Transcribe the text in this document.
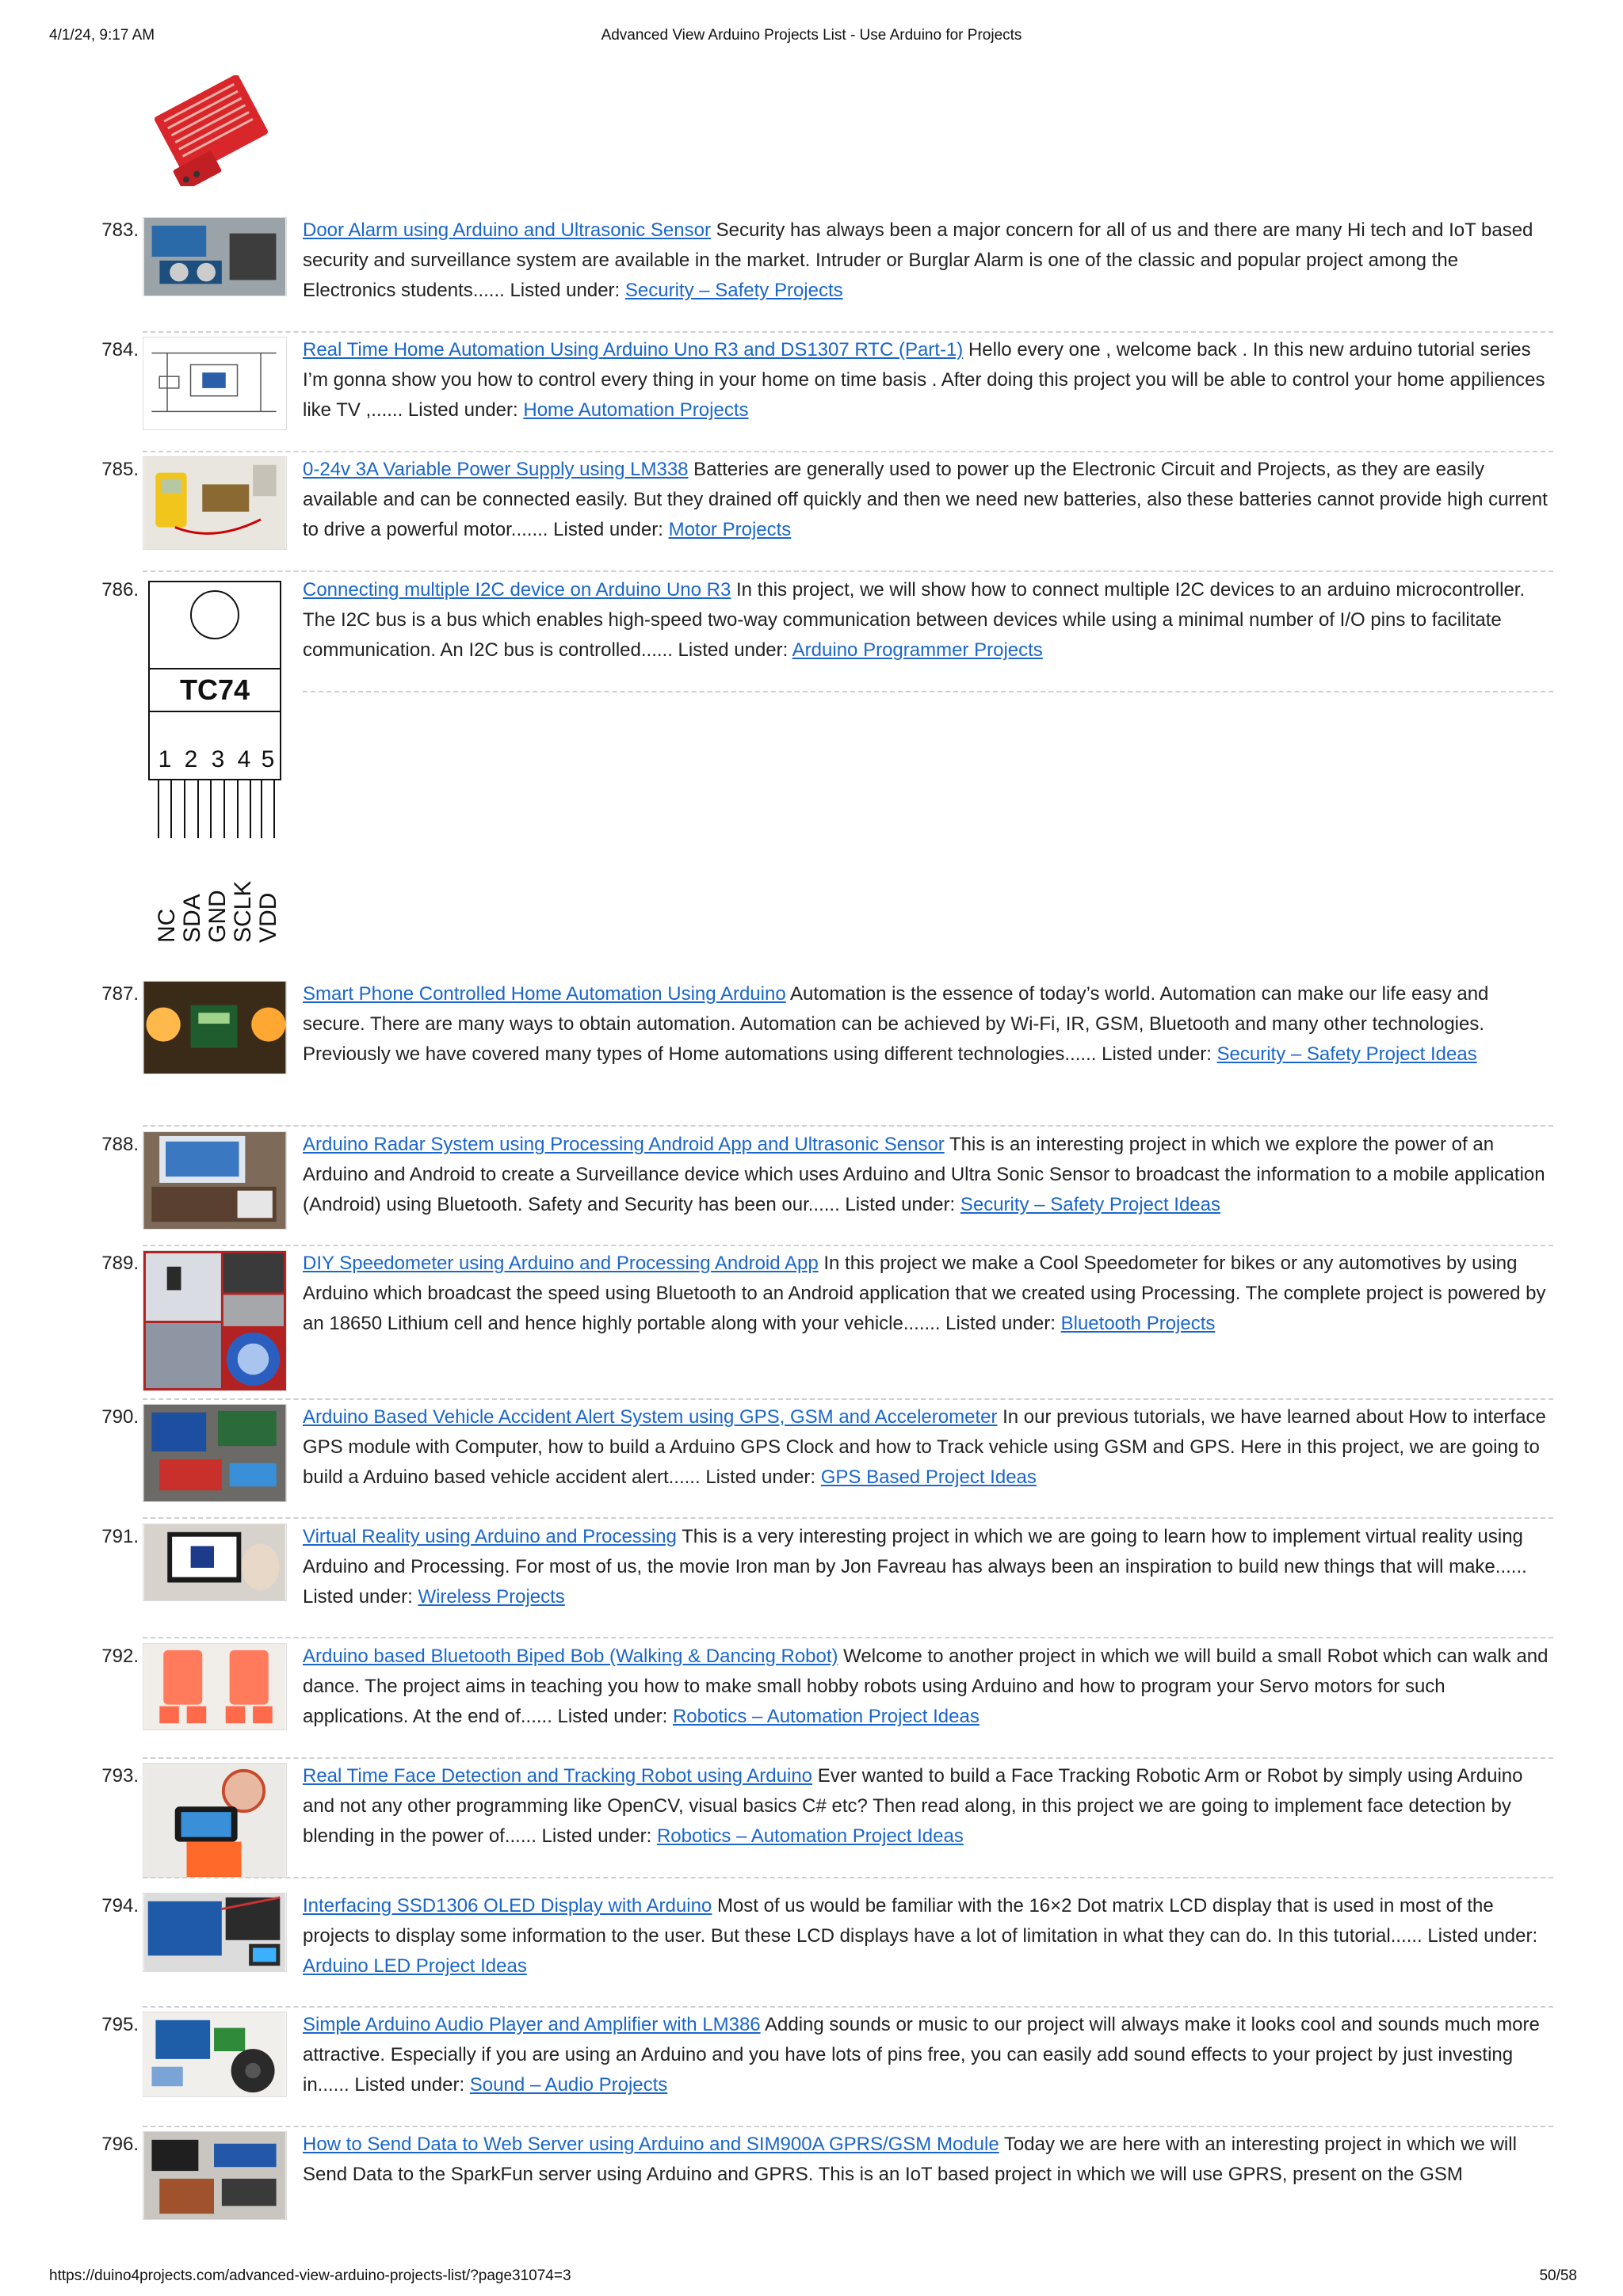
4/1/24, 9:17 AM	Advanced View Arduino Projects List - Use Arduino for Projects
783.	Door Alarm using Arduino and Ultrasonic Sensor Security has always been a major concern for all of us and there are many Hi tech and IoT based security and surveillance system are available in the market. Intruder or Burglar Alarm is one of the classic and popular project among the Electronics students...... Listed under: Security – Safety Projects
784.	Real Time Home Automation Using Arduino Uno R3 and DS1307 RTC (Part-1) Hello every one , welcome back . In this new arduino tutorial series I’m gonna show you how to control every thing in your home on time basis . After doing this project you will be able to control your home appiliences like TV ,...... Listed under: Home Automation Projects
785.	0-24v 3A Variable Power Supply using LM338 Batteries are generally used to power up the Electronic Circuit and Projects, as they are easily available and can be connected easily. But they drained off quickly and then we need new batteries, also these batteries cannot provide high current to drive a powerful motor....... Listed under: Motor Projects
786.
TC74
1 2 3 4 5
NC SDA GND SCLK VDD
Connecting multiple I2C device on Arduino Uno R3 In this project, we will show how to connect multiple I2C devices to an arduino microcontroller. The I2C bus is a bus which enables high-speed two-way communication between devices while using a minimal number of I/O pins to facilitate communication. An I2C bus is controlled...... Listed under: Arduino Programmer Projects
787.	Smart Phone Controlled Home Automation Using Arduino Automation is the essence of today’s world. Automation can make our life easy and secure. There are many ways to obtain automation. Automation can be achieved by Wi-Fi, IR, GSM, Bluetooth and many other technologies. Previously we have covered many types of Home automations using different technologies...... Listed under: Security – Safety Project Ideas
788.	Arduino Radar System using Processing Android App and Ultrasonic Sensor This is an interesting project in which we explore the power of an Arduino and Android to create a Surveillance device which uses Arduino and Ultra Sonic Sensor to broadcast the information to a mobile application (Android) using Bluetooth. Safety and Security has been our...... Listed under: Security – Safety Project Ideas
789.	DIY Speedometer using Arduino and Processing Android App In this project we make a Cool Speedometer for bikes or any automotives by using Arduino which broadcast the speed using Bluetooth to an Android application that we created using Processing. The complete project is powered by an 18650 Lithium cell and hence highly portable along with your vehicle....... Listed under: Bluetooth Projects
790.	Arduino Based Vehicle Accident Alert System using GPS, GSM and Accelerometer In our previous tutorials, we have learned about How to interface GPS module with Computer, how to build a Arduino GPS Clock and how to Track vehicle using GSM and GPS. Here in this project, we are going to build a Arduino based vehicle accident alert...... Listed under: GPS Based Project Ideas
791.	Virtual Reality using Arduino and Processing This is a very interesting project in which we are going to learn how to implement virtual reality using Arduino and Processing. For most of us, the movie Iron man by Jon Favreau has always been an inspiration to build new things that will make...... Listed under: Wireless Projects
792.	Arduino based Bluetooth Biped Bob (Walking & Dancing Robot) Welcome to another project in which we will build a small Robot which can walk and dance. The project aims in teaching you how to make small hobby robots using Arduino and how to program your Servo motors for such applications. At the end of...... Listed under: Robotics – Automation Project Ideas
793.	Real Time Face Detection and Tracking Robot using Arduino Ever wanted to build a Face Tracking Robotic Arm or Robot by simply using Arduino and not any other programming like OpenCV, visual basics C# etc? Then read along, in this project we are going to implement face detection by blending in the power of...... Listed under: Robotics – Automation Project Ideas
794.	Interfacing SSD1306 OLED Display with Arduino Most of us would be familiar with the 16×2 Dot matrix LCD display that is used in most of the projects to display some information to the user. But these LCD displays have a lot of limitation in what they can do. In this tutorial...... Listed under: Arduino LED Project Ideas
795.	Simple Arduino Audio Player and Amplifier with LM386 Adding sounds or music to our project will always make it looks cool and sounds much more attractive. Especially if you are using an Arduino and you have lots of pins free, you can easily add sound effects to your project by just investing in...... Listed under: Sound – Audio Projects
796.	How to Send Data to Web Server using Arduino and SIM900A GPRS/GSM Module Today we are here with an interesting project in which we will Send Data to the SparkFun server using Arduino and GPRS. This is an IoT based project in which we will use GPRS, present on the GSM
https://duino4projects.com/advanced-view-arduino-projects-list/?page31074=3	50/58
